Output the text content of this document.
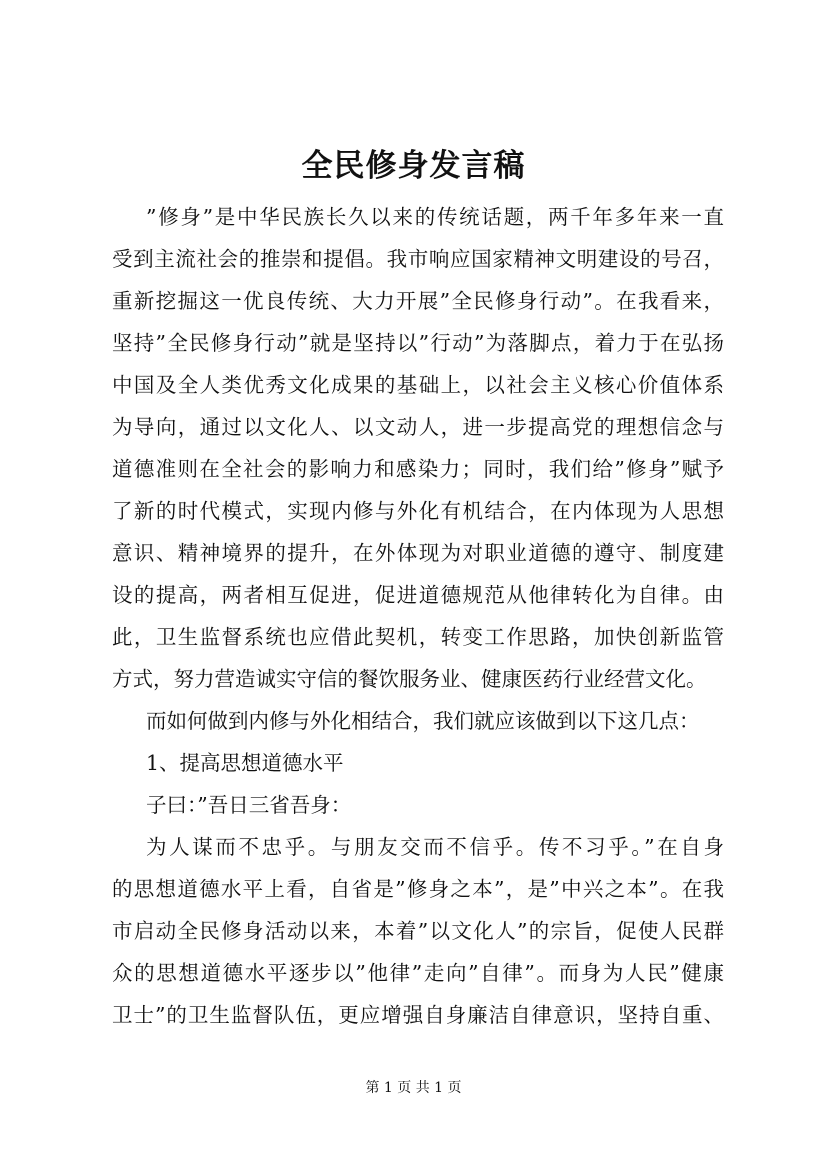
全民修身发言稿
”修身”是中华民族长久以来的传统话题，两千年多年来一直
受到主流社会的推崇和提倡。我市响应国家精神文明建设的号召，
重新挖掘这一优良传统、大力开展”全民修身行动”。在我看来，
坚持”全民修身行动”就是坚持以”行动”为落脚点，着力于在弘扬
中国及全人类优秀文化成果的基础上，以社会主义核心价值体系
为导向，通过以文化人、以文动人，进一步提高党的理想信念与
道德准则在全社会的影响力和感染力；同时，我们给”修身”赋予
了新的时代模式，实现内修与外化有机结合，在内体现为人思想
意识、精神境界的提升，在外体现为对职业道德的遵守、制度建
设的提高，两者相互促进，促进道德规范从他律转化为自律。由
此，卫生监督系统也应借此契机，转变工作思路，加快创新监管
方式，努力营造诚实守信的餐饮服务业、健康医药行业经营文化。
而如何做到内修与外化相结合，我们就应该做到以下这几点：
1、提高思想道德水平
子曰：”吾日三省吾身：
为人谋而不忠乎。与朋友交而不信乎。传不习乎。”在自身
的思想道德水平上看，自省是”修身之本”，是”中兴之本”。在我
市启动全民修身活动以来，本着”以文化人”的宗旨，促使人民群
众的思想道德水平逐步以”他律”走向”自律”。而身为人民”健康
卫士”的卫生监督队伍，更应增强自身廉洁自律意识，坚持自重、
第 1 页 共 1 页
